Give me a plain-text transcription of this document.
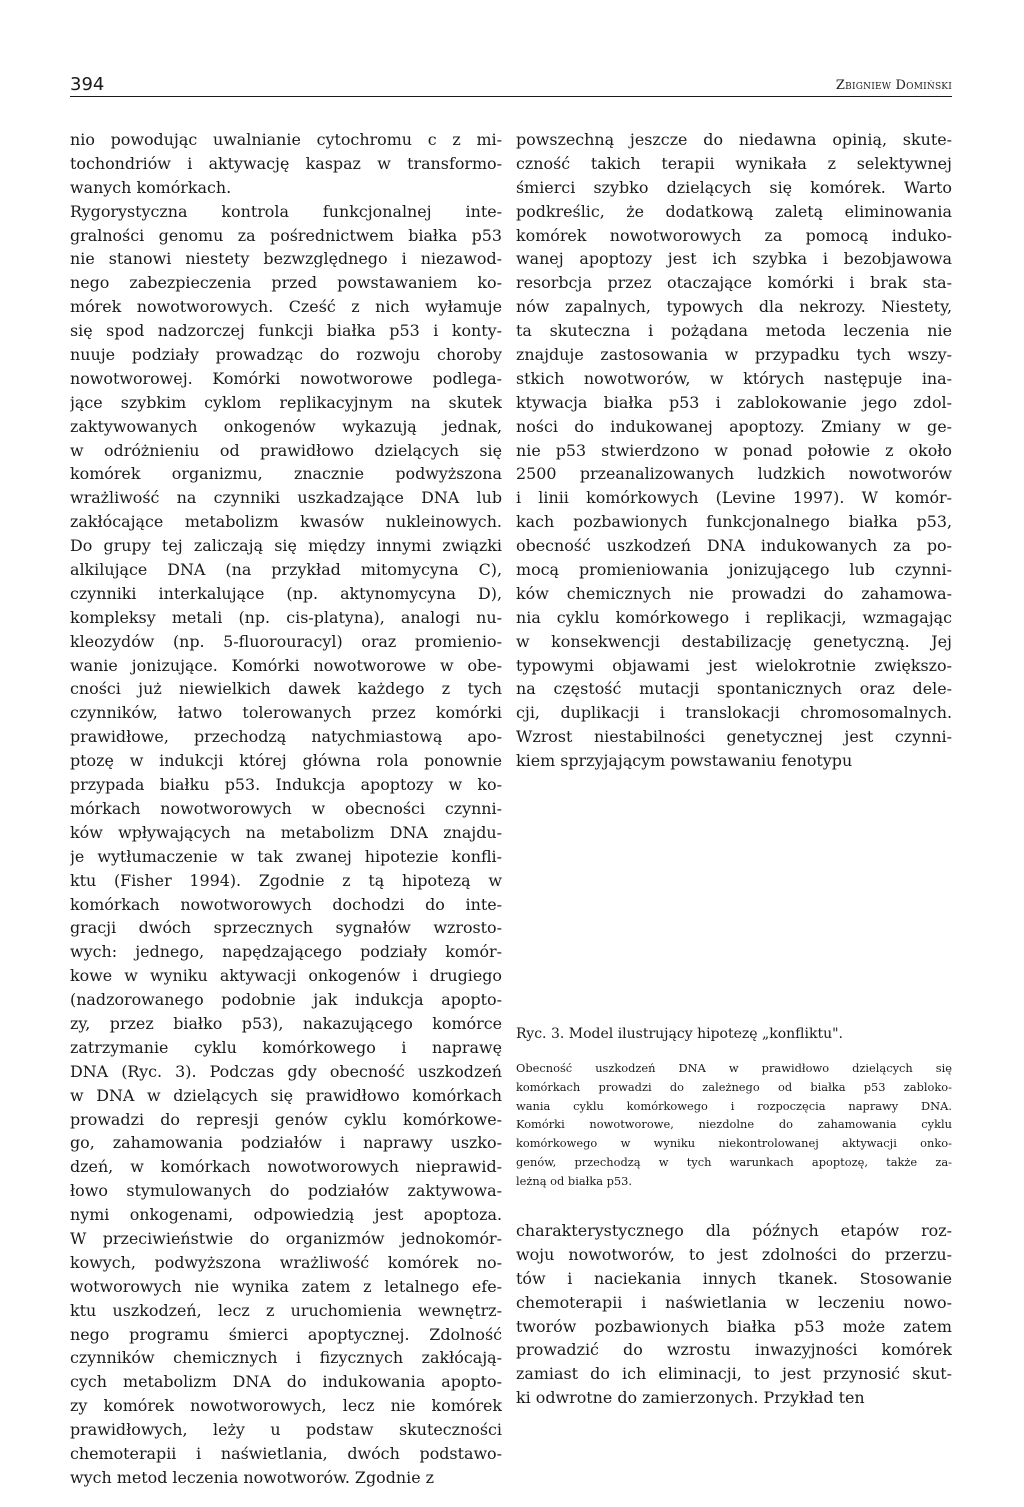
394	Zbigniew Domiński
nio powodując uwalnianie cytochromu c z mi-
tochondriów i aktywację kaspaz w transformo-
wanych komórkach.
Rygorystyczna kontrola funkcjonalnej inte-
gralności genomu za pośrednictwem białka p53
nie stanowi niestety bezwzględnego i niezawod-
nego zabezpieczenia przed powstawaniem ko-
mórek nowotworowych. Cześć z nich wyłamuje
się spod nadzorczej funkcji białka p53 i konty-
nuuje podziały prowadząc do rozwoju choroby
nowotworowej. Komórki nowotworowe podlega-
jące szybkim cyklom replikacyjnym na skutek
zaktywowanych onkogenów wykazują jednak,
w odróżnieniu od prawidłowo dzielących się
komórek organizmu, znacznie podwyższona
wrażliwość na czynniki uszkadzające DNA lub
zakłócające metabolizm kwasów nukleinowych.
Do grupy tej zaliczają się między innymi związki
alkilujące DNA (na przykład mitomycyna C),
czynniki interkalujące (np. aktynomycyna D),
kompleksy metali (np. cis-platyna), analogi nu-
kleozydów (np. 5-fluorouracyl) oraz promienio-
wanie jonizujące. Komórki nowotworowe w obe-
cności już niewielkich dawek każdego z tych
czynników, łatwo tolerowanych przez komórki
prawidłowe, przechodzą natychmiastową apo-
ptozę w indukcji której główna rola ponownie
przypada białku p53. Indukcja apoptozy w ko-
mórkach nowotworowych w obecności czynni-
ków wpływających na metabolizm DNA znajdu-
je wytłumaczenie w tak zwanej hipotezie konfli-
ktu (Fisher 1994). Zgodnie z tą hipotezą w
komórkach nowotworowych dochodzi do inte-
gracji dwóch sprzecznych sygnałów wzrosto-
wych: jednego, napędzającego podziały komór-
kowe w wyniku aktywacji onkogenów i drugiego
(nadzorowanego podobnie jak indukcja apopto-
zy, przez białko p53), nakazującego komórce
zatrzymanie cyklu komórkowego i naprawę
DNA (Ryc. 3). Podczas gdy obecność uszkodzeń
w DNA w dzielących się prawidłowo komórkach
prowadzi do represji genów cyklu komórkowe-
go, zahamowania podziałów i naprawy uszko-
dzeń, w komórkach nowotworowych nieprawid-
łowo stymulowanych do podziałów zaktywowa-
nymi onkogenami, odpowiedzią jest apoptoza.
W przeciwieństwie do organizmów jednokomór-
kowych, podwyższona wrażliwość komórek no-
wotworowych nie wynika zatem z letalnego efe-
ktu uszkodzeń, lecz z uruchomienia wewnętrz-
nego programu śmierci apoptycznej. Zdolność
czynników chemicznych i fizycznych zakłócają-
cych metabolizm DNA do indukowania apopto-
zy komórek nowotworowych, lecz nie komórek
prawidłowych, leży u podstaw skuteczności
chemoterapii i naświetlania, dwóch podstawo-
wych metod leczenia nowotworów. Zgodnie z
powszechną jeszcze do niedawna opinią, skute-
czność takich terapii wynikała z selektywnej
śmierci szybko dzielących się komórek. Warto
podkreślic, że dodatkową zaletą eliminowania
komórek nowotworowych za pomocą induko-
wanej apoptozy jest ich szybka i bezobjawowa
resorbcja przez otaczające komórki i brak sta-
nów zapalnych, typowych dla nekrozy. Niestety,
ta skuteczna i pożądana metoda leczenia nie
znajduje zastosowania w przypadku tych wszy-
stkich nowotworów, w których następuje ina-
ktywacja białka p53 i zablokowanie jego zdol-
ności do indukowanej apoptozy. Zmiany w ge-
nie p53 stwierdzono w ponad połowie z około
2500 przeanalizowanych ludzkich nowotworów
i linii komórkowych (Levine 1997). W komór-
kach pozbawionych funkcjonalnego białka p53,
obecność uszkodzeń DNA indukowanych za po-
mocą promieniowania jonizującego lub czynni-
ków chemicznych nie prowadzi do zahamowa-
nia cyklu komórkowego i replikacji, wzmagając
w konsekwencji destabilizację genetyczną. Jej
typowymi objawami jest wielokrotnie zwiększo-
na częstość mutacji spontanicznych oraz dele-
cji, duplikacji i translokacji chromosomalnych.
Wzrost niestabilności genetycznej jest czynni-
kiem sprzyjającym powstawaniu fenotypu
Ryc. 3. Model ilustrujący hipotezę „konfliktu".
Obecność uszkodzeń DNA w prawidłowo dzielących się
komórkach prowadzi do zależnego od białka p53 zabloko-
wania cyklu komórkowego i rozpoczęcia naprawy DNA.
Komórki nowotworowe, niezdolne do zahamowania cyklu
komórkowego w wyniku niekontrolowanej aktywacji onko-
genów, przechodzą w tych warunkach apoptozę, także za-
leżną od białka p53.
charakterystycznego dla późnych etapów roz-
woju nowotworów, to jest zdolności do przerzu-
tów i naciekania innych tkanek. Stosowanie
chemoterapii i naświetlania w leczeniu nowo-
tworów pozbawionych białka p53 może zatem
prowadzić do wzrostu inwazyjności komórek
zamiast do ich eliminacji, to jest przynosić skut-
ki odwrotne do zamierzonych. Przykład ten
